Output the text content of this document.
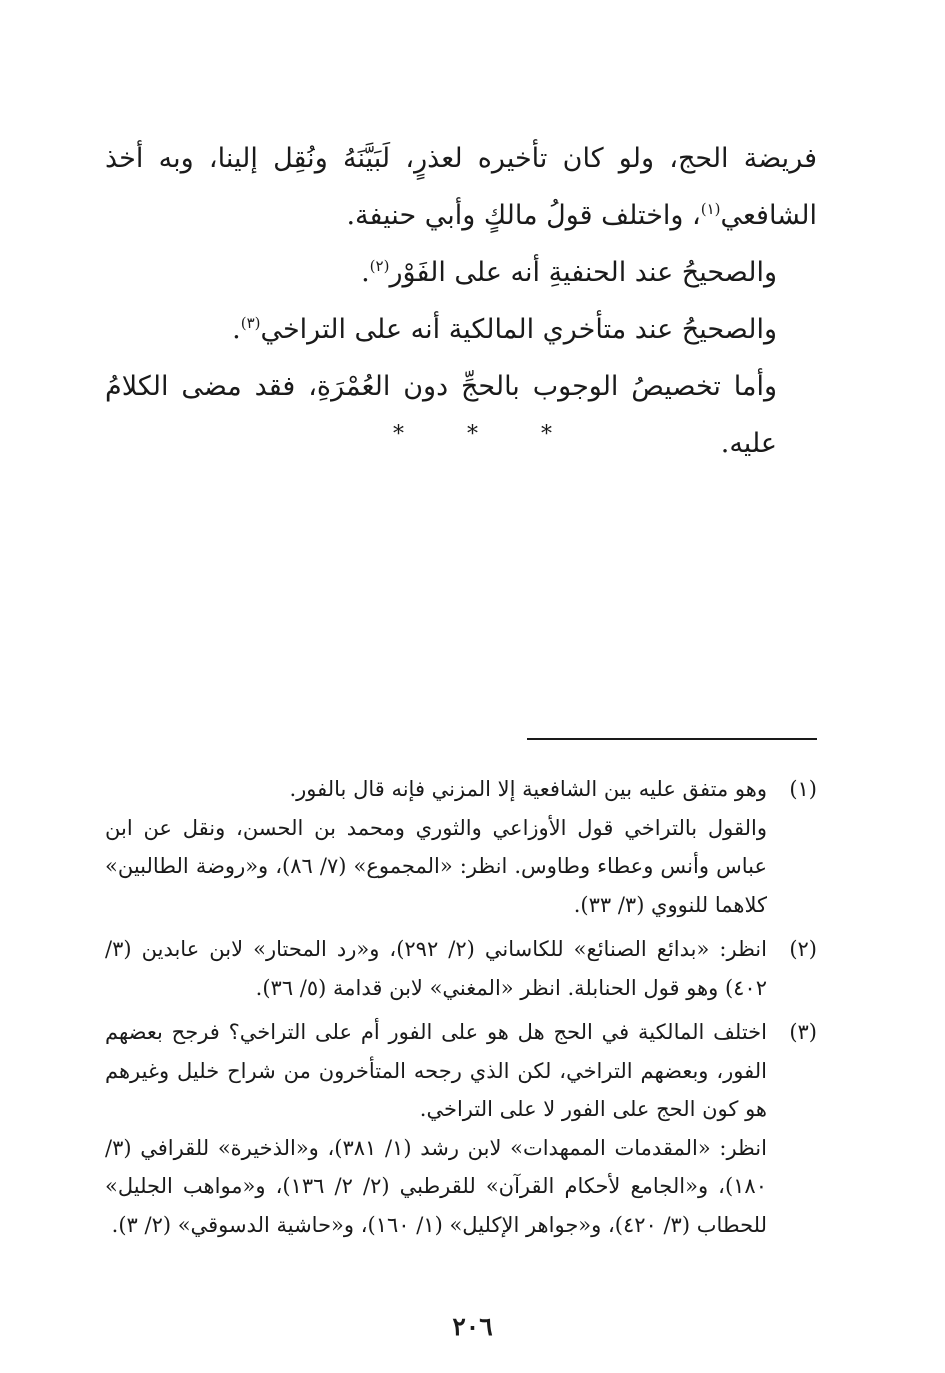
فريضة الحج، ولو كان تأخيره لعذرٍ، لَبَيَّنَهُ ونُقِل إلينا، وبه أخذ الشافعي$^{(١)}$، واختلف قولُ مالكٍ وأبي حنيفة.

والصحيحُ عند الحنفيةِ أنه على الفَوْر$^{(٢)}$.

والصحيحُ عند متأخري المالكية أنه على التراخي$^{(٣)}$.

وأما تخصيصُ الوجوب بالحجِّ دون العُمْرَةِ، فقد مضى الكلامُ عليه.

* * *
(١)

وهو متفق عليه بين الشافعية إلا المزني فإنه قال بالفور.

والقول بالتراخي قول الأوزاعي والثوري ومحمد بن الحسن، ونقل عن ابن عباس وأنس وعطاء وطاوس. انظر: «المجموع» (٧/ ٨٦)، و«روضة الطالبين» كلاهما للنووي (٣/ ٣٣).

(٢)

انظر: «بدائع الصنائع» للكاساني (٢/ ٢٩٢)، و«رد المحتار» لابن عابدين (٣/ ٤٠٢) وهو قول الحنابلة. انظر «المغني» لابن قدامة (٥/ ٣٦).

(٣)

اختلف المالكية في الحج هل هو على الفور أم على التراخي؟ فرجح بعضهم الفور، وبعضهم التراخي، لكن الذي رجحه المتأخرون من شراح خليل وغيرهم هو كون الحج على الفور لا على التراخي.

انظر: «المقدمات الممهدات» لابن رشد (١/ ٣٨١)، و«الذخيرة» للقرافي (٣/ ١٨٠)، و«الجامع لأحكام القرآن» للقرطبي (٢/ ٢/ ١٣٦)، و«مواهب الجليل» للحطاب (٣/ ٤٢٠)، و«جواهر الإكليل» (١/ ١٦٠)، و«حاشية الدسوقي» (٢/ ٣).

٢٠٦
